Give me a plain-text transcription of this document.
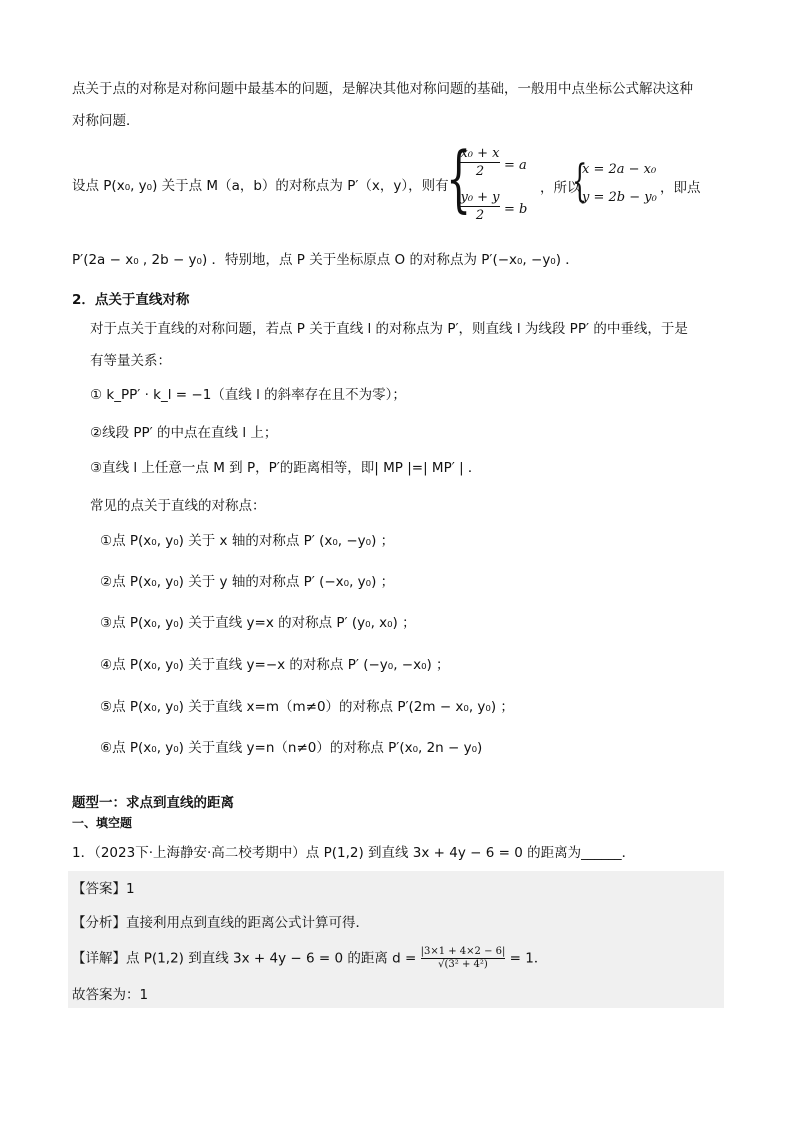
点关于点的对称是对称问题中最基本的问题，是解决其他对称问题的基础，一般用中点坐标公式解决这种
对称问题．
设点 P(x₀, y₀) 关于点 M（a，b）的对称点为 P′（x，y），则有
{
x₀ + x
2	= a
y₀ + y
2	= b
，所以
{
x = 2a − x₀
y = 2b − y₀
，即点
P′(2a − x₀ , 2b − y₀) ．特别地，点 P 关于坐标原点 O 的对称点为 P′(−x₀, −y₀) ．
2．点关于直线对称
对于点关于直线的对称问题，若点 P 关于直线 l 的对称点为 P′，则直线 l 为线段 PP′ 的中垂线，于是
有等量关系：
① k_PP′ · k_l = −1（直线 l 的斜率存在且不为零）；
②线段 PP′ 的中点在直线 l 上；
③直线 l 上任意一点 M 到 P，P′的距离相等，即| MP |=| MP′ | ．
常见的点关于直线的对称点：
①点 P(x₀, y₀) 关于 x 轴的对称点 P′ (x₀, −y₀) ；
②点 P(x₀, y₀) 关于 y 轴的对称点 P′ (−x₀, y₀) ；
③点 P(x₀, y₀) 关于直线 y=x 的对称点 P′ (y₀, x₀) ；
④点 P(x₀, y₀) 关于直线 y=−x 的对称点 P′ (−y₀, −x₀) ；
⑤点 P(x₀, y₀) 关于直线 x=m（m≠0）的对称点 P′(2m − x₀, y₀) ；
⑥点 P(x₀, y₀) 关于直线 y=n（n≠0）的对称点 P′(x₀, 2n − y₀)
题型一：求点到直线的距离
一、填空题
1．（2023下·上海静安·高二校考期中）点 P(1,2) 到直线 3x + 4y − 6 = 0 的距离为______．
【答案】1
【分析】直接利用点到直线的距离公式计算可得．
【详解】点 P(1,2) 到直线 3x + 4y − 6 = 0 的距离 $d = \frac{|3\times 1 + 4\times 2 - 6|}{\text{√(3² + 4²)}} = 1$．
故答案为：1
